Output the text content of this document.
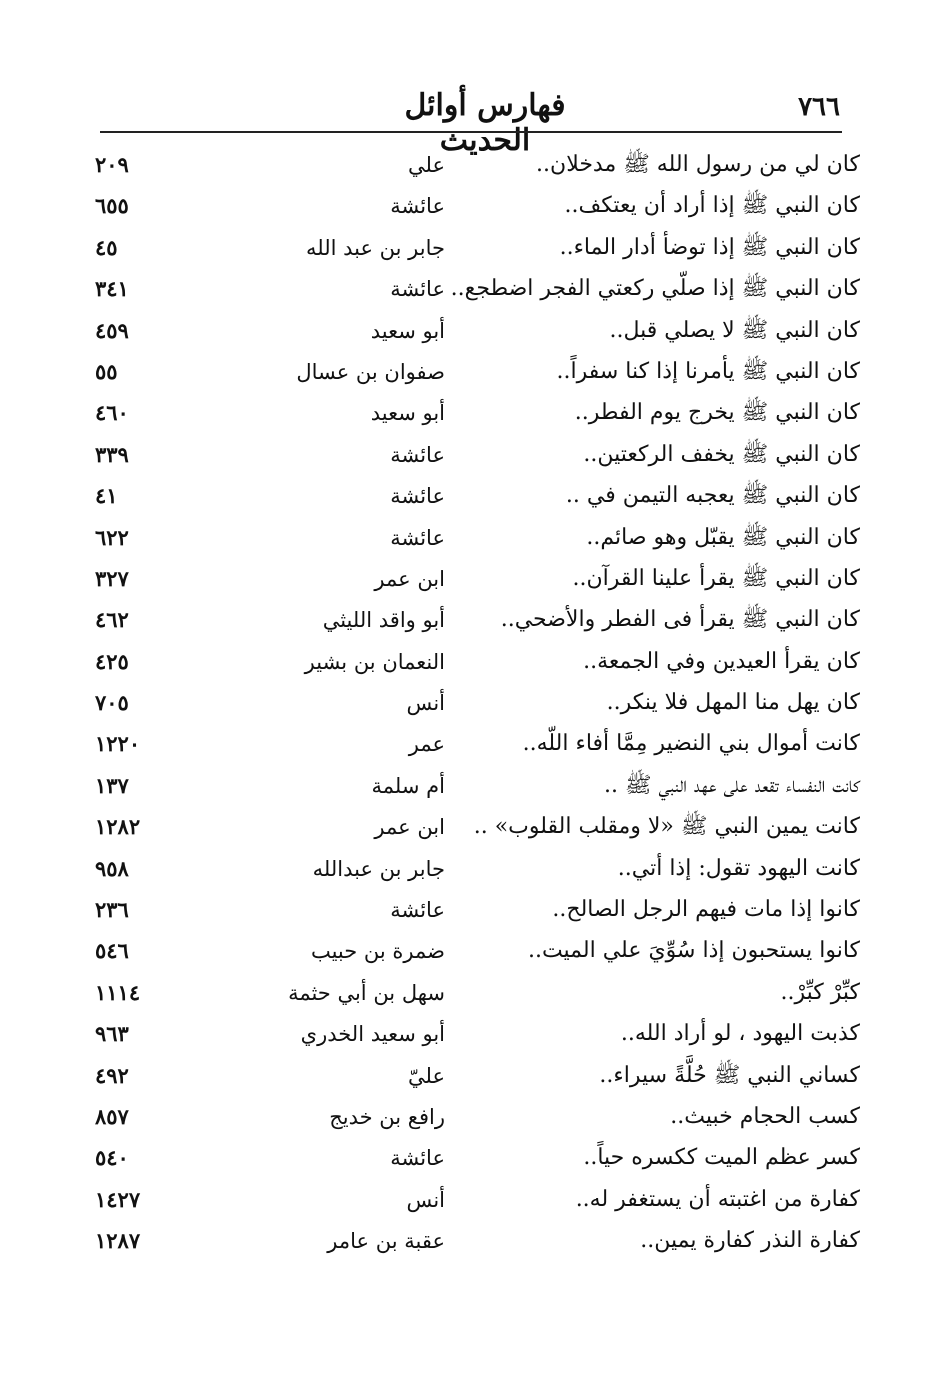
فهارس أوائل الحديث
٧٦٦
كان لي من رسول الله ﷺ مدخلان..
علي
٢٠٩
كان النبي ﷺ إذا أراد أن يعتكف..
عائشة
٦٥٥
كان النبي ﷺ إذا توضأ أدار الماء..
جابر بن عبد الله
٤٥
كان النبي ﷺ إذا صلّي ركعتي الفجر اضطجع..
عائشة
٣٤١
كان النبي ﷺ لا يصلي قبل..
أبو سعيد
٤٥٩
كان النبي ﷺ يأمرنا إذا كنا سفراً..
صفوان بن عسال
٥٥
كان النبي ﷺ يخرج يوم الفطر..
أبو سعيد
٤٦٠
كان النبي ﷺ يخفف الركعتين..
عائشة
٣٣٩
كان النبي ﷺ يعجبه التيمن في ..
عائشة
٤١
كان النبي ﷺ يقبّل وهو صائم..
عائشة
٦٢٢
كان النبي ﷺ يقرأ علينا القرآن..
ابن عمر
٣٢٧
كان النبي ﷺ يقرأ فى الفطر والأضحي..
أبو واقد الليثي
٤٦٢
كان يقرأ العيدين وفي الجمعة..
النعمان بن بشير
٤٢٥
كان يهل منا المهل فلا ينكر..
أنس
٧٠٥
كانت أموال بني النضير مِمَّا أفاء اللّه..
عمر
١٢٢٠
كانت النفساء تقعد على عهد النبي ﷺ ..
أم سلمة
١٣٧
كانت يمين النبي ﷺ «لا ومقلب القلوب» ..
ابن عمر
١٢٨٢
كانت اليهود تقول: إذا أتي..
جابر بن عبدالله
٩٥٨
كانوا إذا مات فيهم الرجل الصالح..
عائشة
٢٣٦
كانوا يستحبون إذا سُوِّيَ علي الميت..
ضمرة بن حبيب
٥٤٦
كبِّرْ كبِّرْ..
سهل بن أبي حثمة
١١١٤
كذبت اليهود ، لو أراد الله..
أبو سعيد الخدري
٩٦٣
كساني النبي ﷺ حُلَّةً سيراء..
عليّ
٤٩٢
كسب الحجام خبيث..
رافع بن خديج
٨٥٧
كسر عظم الميت ككسره حياً..
عائشة
٥٤٠
كفارة من اغتبته أن يستغفر له..
أنس
١٤٢٧
كفارة النذر كفارة يمين..
عقبة بن عامر
١٢٨٧
